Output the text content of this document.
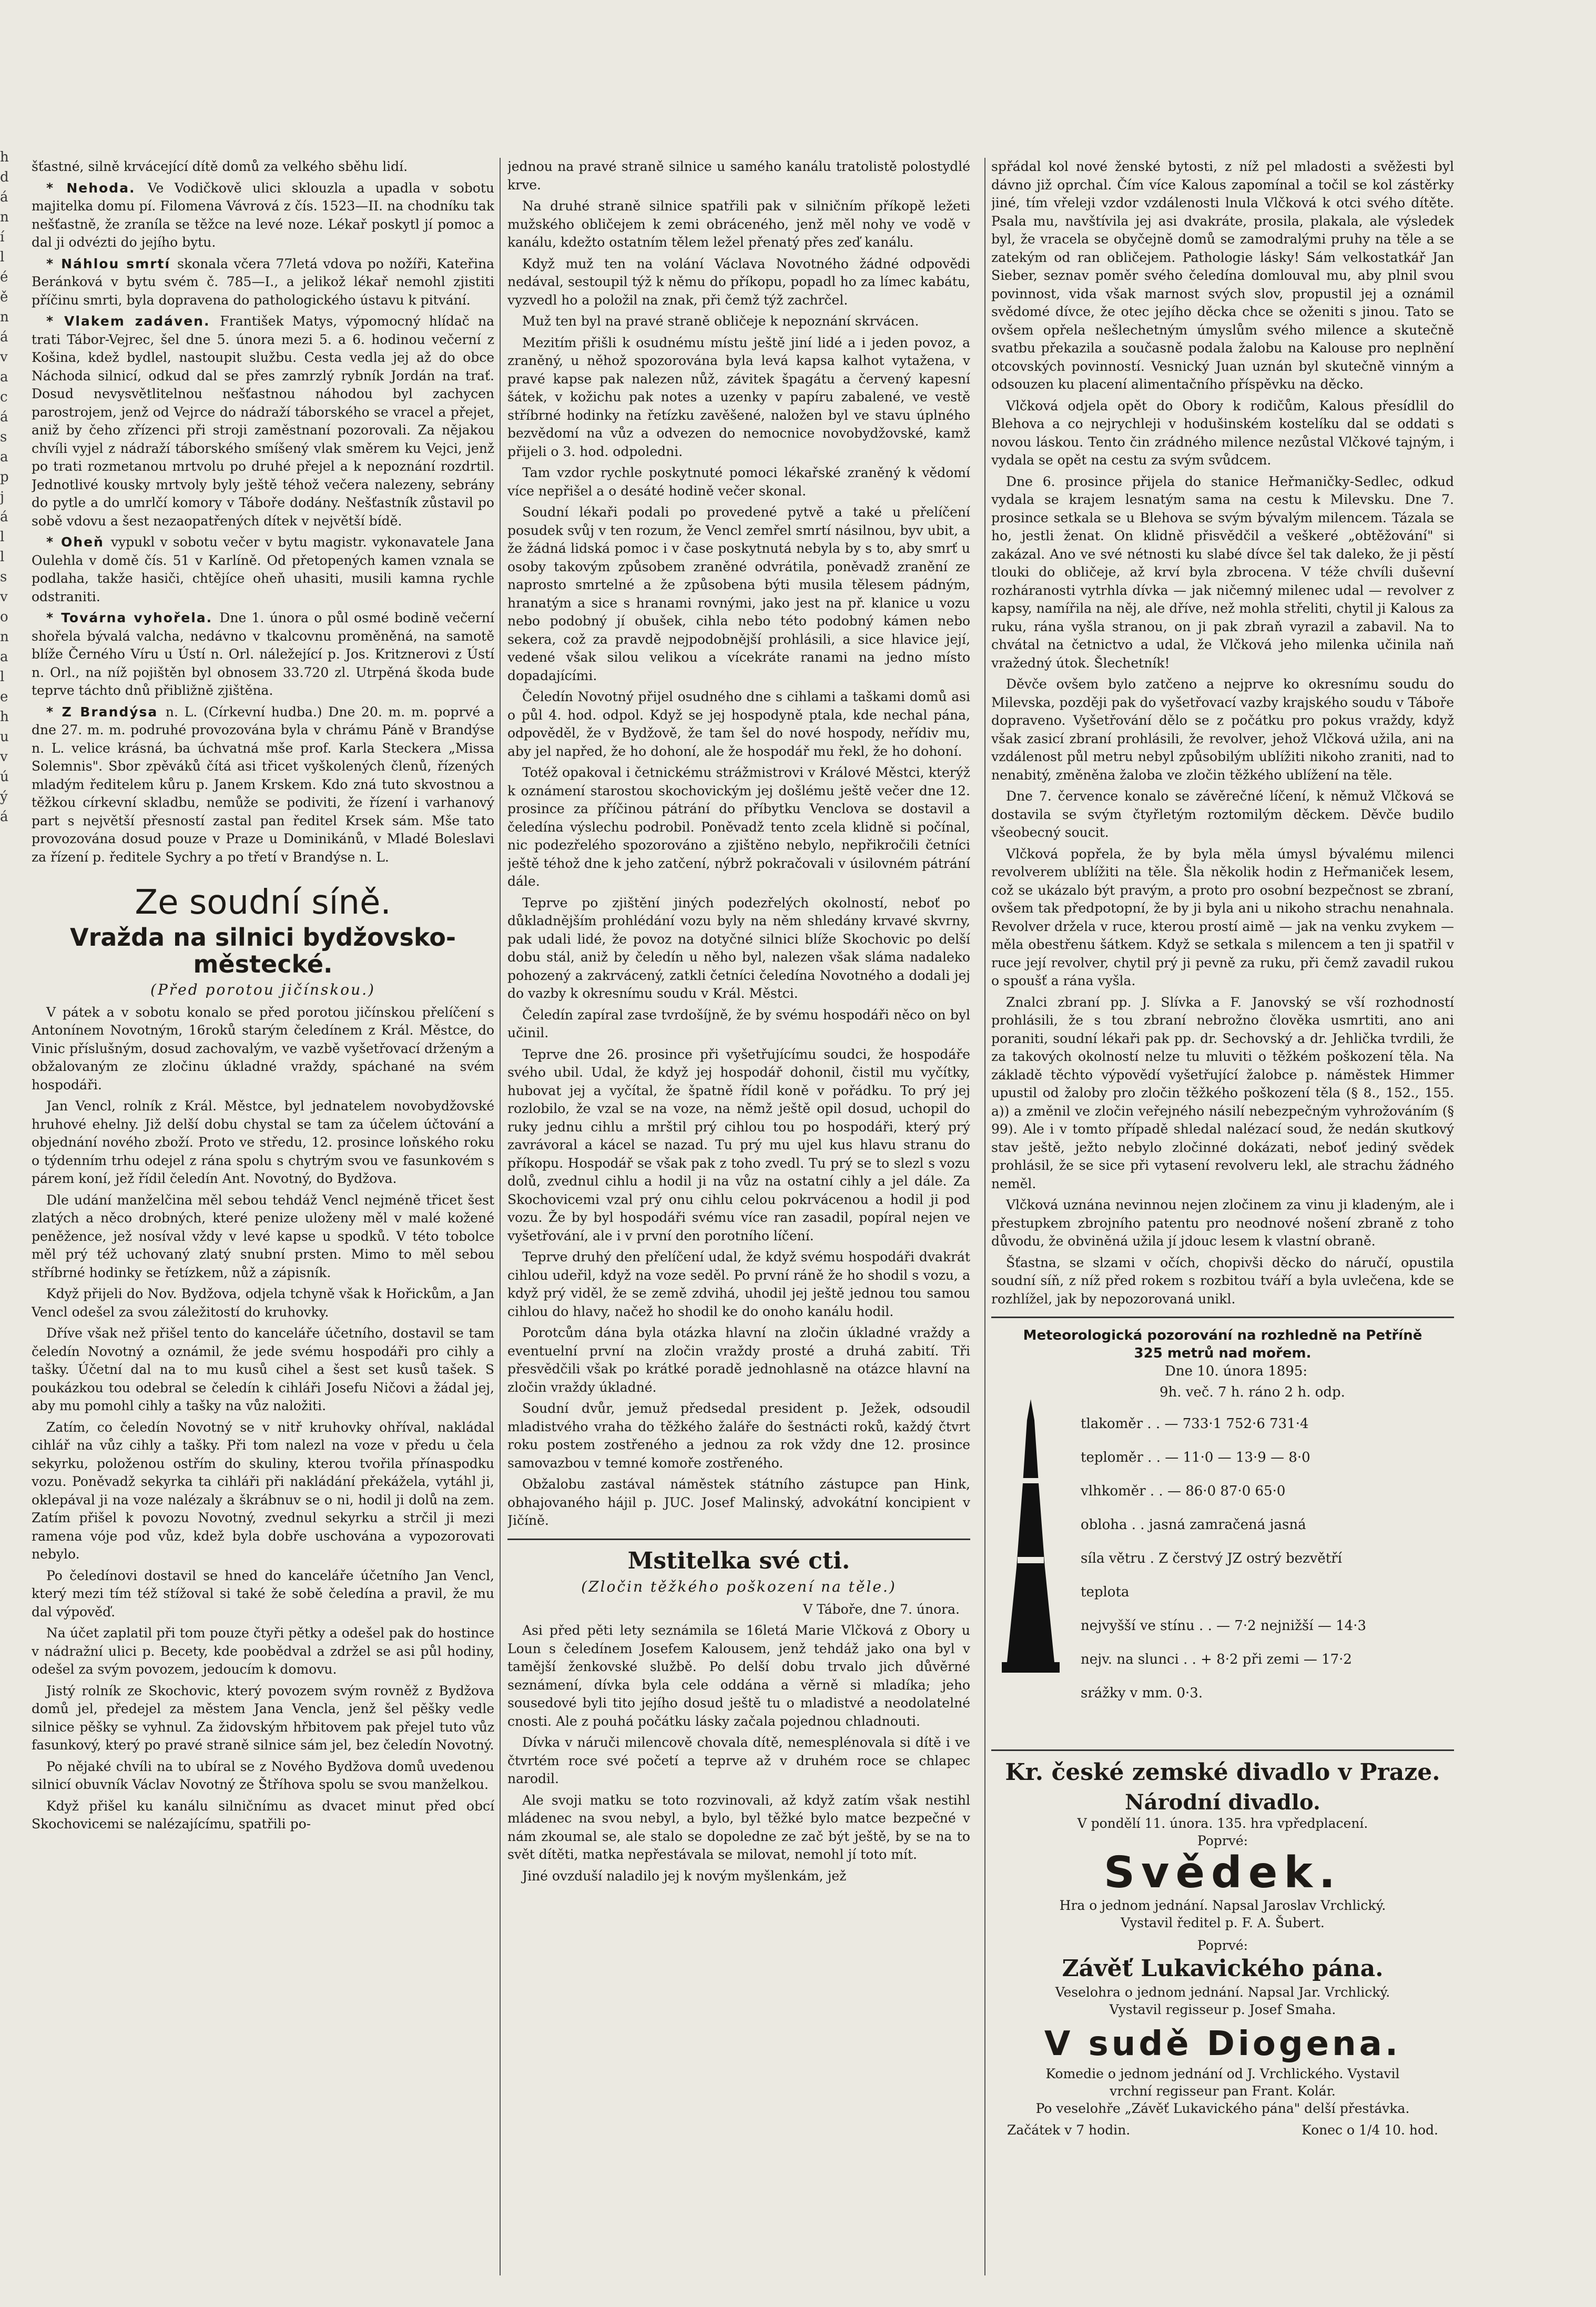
h
d
á
n
í
l
é
ě
n
á
v
a
c
á
s
a
p
j
á
l
l
s
v
o
n
a
l
e
h
u
v
ú
ý
á

šťastné, silně krvácející dítě domů za velkého sběhu lidí.

* Nehoda. Ve Vodičkově ulici sklouzla a upadla v sobotu majitelka domu pí. Filomena Vávrová z čís. 1523—II. na chodníku tak nešťastně, že zraníla se těžce na levé noze. Lékař poskytl jí pomoc a dal ji odvézti do jejího bytu.

* Náhlou smrtí skonala včera 77letá vdova po nožíři, Kateřina Beránková v bytu svém č. 785—I., a jelikož lékař nemohl zjistiti příčinu smrti, byla dopravena do pathologického ústavu k pitvání.

* Vlakem zadáven. František Matys, výpomocný hlídač na trati Tábor-Vejrec, šel dne 5. února mezi 5. a 6. hodinou večerní z Košina, kdež bydlel, nastoupit službu. Cesta vedla jej až do obce Náchoda silnicí, odkud dal se přes zamrzlý rybník Jordán na trať. Dosud nevysvětlitelnou nešťastnou náhodou byl zachycen parostrojem, jenž od Vejrce do nádraží táborského se vracel a přejet, aniž by čeho zřízenci při stroji zaměstnaní pozorovali. Za nějakou chvíli vyjel z nádraží táborského smíšený vlak směrem ku Vejci, jenž po trati rozmetanou mrtvolu po druhé přejel a k nepoznání rozdrtil. Jednotlivé kousky mrtvoly byly ještě téhož večera nalezeny, sebrány do pytle a do umrlčí komory v Táboře dodány. Nešťastník zůstavil po sobě vdovu a šest nezaopatřených dítek v největší bídě.

* Oheň vypukl v sobotu večer v bytu magistr. vykonavatele Jana Oulehla v domě čís. 51 v Karlíně. Od přetopených kamen vznala se podlaha, takže hasiči, chtějíce oheň uhasiti, musili kamna rychle odstraniti.

* Továrna vyhořela. Dne 1. února o půl osmé bodině večerní shořela bývalá valcha, nedávno v tkalcovnu proměněná, na samotě blíže Černého Víru u Ústí n. Orl. náležející p. Jos. Kritznerovi z Ústí n. Orl., na níž pojištěn byl obnosem 33.720 zl. Utrpěná škoda bude teprve táchto dnů přibližně zjištěna.

* Z Brandýsa n. L. (Církevní hudba.) Dne 20. m. m. poprvé a dne 27. m. m. podruhé provozována byla v chrámu Páně v Brandýse n. L. velice krásná, ba úchvatná mše prof. Karla Steckera „Missa Solemnis". Sbor zpěváků čítá asi třicet vyškolených členů, řízených mladým ředitelem kůru p. Janem Krskem. Kdo zná tuto skvostnou a těžkou církevní skladbu, nemůže se podiviti, že řízení i varhanový part s největší přesností zastal pan ředitel Krsek sám. Mše tato provozována dosud pouze v Praze u Dominikánů, v Mladé Boleslavi za řízení p. ředitele Sychry a po třetí v Brandýse n. L.

Ze soudní síně.
Vražda na silnici bydžovsko-městecké.
(Před porotou jičínskou.)

V pátek a v sobotu konalo se před porotou jičínskou přelíčení s Antonínem Novotným, 16roků starým čeledínem z Král. Městce, do Vinic příslušným, dosud zachovalým, ve vazbě vyšetřovací drženým a obžalovaným ze zločinu úkladné vraždy, spáchané na svém hospodáři.

Jan Vencl, rolník z Král. Městce, byl jednatelem novobydžovské hruhové ehelny. Již delší dobu chystal se tam za účelem účtování a objednání nového zboží. Proto ve středu, 12. prosince loňského roku o týdenním trhu odejel z rána spolu s chytrým svou ve fasunkovém s párem koní, jež řídil čeledín Ant. Novotný, do Bydžova.

Dle udání manželčina měl sebou tehdáž Vencl nejméně třicet šest zlatých a něco drobných, které penize uloženy měl v malé kožené peněžence, jež nosíval vždy v levé kapse u spodků. V této tobolce měl prý též uchovaný zlatý snubní prsten. Mimo to měl sebou stříbrné hodinky se řetízkem, nůž a zápisník.

Když přijeli do Nov. Bydžova, odjela tchyně však k Hořickům, a Jan Vencl odešel za svou záležitostí do kruhovky.

Dříve však než přišel tento do kanceláře účetního, dostavil se tam čeledín Novotný a oznámil, že jede svému hospodáři pro cihly a tašky. Účetní dal na to mu kusů cihel a šest set kusů tašek. S poukázkou tou odebral se čeledín k cihláři Josefu Ničovi a žádal jej, aby mu pomohl cihly a tašky na vůz naložiti.

Zatím, co čeledín Novotný se v nitř kruhovky ohříval, nakládal cihlář na vůz cihly a tašky. Při tom nalezl na voze v předu u čela sekyrku, položenou ostřím do skuliny, kterou tvořila přínaspodku vozu. Poněvadž sekyrka ta cihláři při nakládání překážela, vytáhl ji, oklepával ji na voze nalézaly a škrábnuv se o ni, hodil ji dolů na zem. Zatím přišel k povozu Novotný, zvednul sekyrku a strčil ji mezi ramena vóje pod vůz, kdež byla dobře uschována a vypozorovati nebylo.

Po čeledínovi dostavil se hned do kanceláře účetního Jan Vencl, který mezi tím též stížoval si také že sobě čeledína a pravil, že mu dal výpověď.

Na účet zaplatil při tom pouze čtyři pětky a odešel pak do hostince v nádražní ulici p. Becety, kde poobědval a zdržel se asi půl hodiny, odešel za svým povozem, jedoucím k domovu.

Jistý rolník ze Skochovic, který povozem svým rovněž z Bydžova domů jel, předejel za městem Jana Vencla, jenž šel pěšky vedle silnice pěšky se vyhnul. Za židovským hřbitovem pak přejel tuto vůz fasunkový, který po pravé straně silnice sám jel, bez čeledín Novotný.

Po nějaké chvíli na to ubíral se z Nového Bydžova domů uvedenou silnicí obuvník Václav Novotný ze Štříhova spolu se svou manželkou.

Když přišel ku kanálu silničnímu as dvacet minut před obcí Skochovicemi se nalézajícímu, spatřili po-

jednou na pravé straně silnice u samého kanálu tratolistě polostydlé krve.

Na druhé straně silnice spatřili pak v silničním příkopě ležeti mužského obličejem k zemi obráceného, jenž měl nohy ve vodě v kanálu, kdežto ostatním tělem ležel přenatý přes zeď kanálu.

Když muž ten na volání Václava Novotného žádné odpovědi nedával, sestoupil týž k němu do příkopu, popadl ho za límec kabátu, vyzvedl ho a položil na znak, při čemž týž zachrčel.

Muž ten byl na pravé straně obličeje k nepoznání skrvácen.

Mezitím přišli k osudnému místu ještě jiní lidé a i jeden povoz, a zraněný, u něhož spozorována byla levá kapsa kalhot vytažena, v pravé kapse pak nalezen nůž, závitek špagátu a červený kapesní šátek, v kožichu pak notes a uzenky v papíru zabalené, ve vestě stříbrné hodinky na řetízku zavěšené, naložen byl ve stavu úplného bezvědomí na vůz a odvezen do nemocnice novobydžovské, kamž přijeli o 3. hod. odpoledni.

Tam vzdor rychle poskytnuté pomoci lékařské zraněný k vědomí více nepřišel a o desáté hodině večer skonal.

Soudní lékaři podali po provedené pytvě a také u přelíčení posudek svůj v ten rozum, že Vencl zemřel smrtí násilnou, byv ubit, a že žádná lidská pomoc i v čase poskytnutá nebyla by s to, aby smrť u osoby takovým způsobem zraněné odvrátila, poněvadž zranění ze naprosto smrtelné a že způsobena býti musila tělesem pádným, hranatým a sice s hranami rovnými, jako jest na př. klanice u vozu nebo podobný jí obušek, cihla nebo této podobný kámen nebo sekera, což za pravdě nejpodobnější prohlásili, a sice hlavice její, vedené však silou velikou a vícekráte ranami na jedno místo dopadajícími.

Čeledín Novotný přijel osudného dne s cihlami a taškami domů asi o půl 4. hod. odpol. Když se jej hospodyně ptala, kde nechal pána, odpověděl, že v Bydžově, že tam šel do nové hospody, neřídiv mu, aby jel napřed, že ho dohoní, ale že hospodář mu řekl, že ho dohoní.

Totéž opakoval i četnickému strážmistrovi v Králové Městci, kterýž k oznámení starostou skochovickým jej došlému ještě večer dne 12. prosince za příčinou pátrání do příbytku Venclova se dostavil a čeledína výslechu podrobil. Poněvadž tento zcela klidně si počínal, nic podezřelého spozorováno a zjištěno nebylo, nepřikročili četníci ještě téhož dne k jeho zatčení, nýbrž pokračovali v úsilovném pátrání dále.

Teprve po zjištění jiných podezřelých okolností, neboť po důkladnějším prohlédání vozu byly na něm shledány krvavé skvrny, pak udali lidé, že povoz na dotyčné silnici blíže Skochovic po delší dobu stál, aniž by čeledín u něho byl, nalezen však sláma nadaleko pohozený a zakrvácený, zatkli četníci čeledína Novotného a dodali jej do vazby k okresnímu soudu v Král. Městci.

Čeledín zapíral zase tvrdošíjně, že by svému hospodáři něco on byl učinil.

Teprve dne 26. prosince při vyšetřujícímu soudci, že hospodáře svého ubil. Udal, že když jej hospodář dohonil, čistil mu vyčítky, hubovat jej a vyčítal, že špatně řídil koně v pořádku. To prý jej rozlobilo, že vzal se na voze, na němž ještě opil dosud, uchopil do ruky jednu cihlu a mrštil prý cihlou tou po hospodáři, který prý zavrávoral a kácel se nazad. Tu prý mu ujel kus hlavu stranu do příkopu. Hospodář se však pak z toho zvedl. Tu prý se to slezl s vozu dolů, zvednul cihlu a hodil ji na vůz na ostatní cihly a jel dále. Za Skochovicemi vzal prý onu cihlu celou pokrvácenou a hodil ji pod vozu. Že by byl hospodáři svému více ran zasadil, popíral nejen ve vyšetřování, ale i v první den porotního líčení.

Teprve druhý den přelíčení udal, že když svému hospodáři dvakrát cihlou udeřil, když na voze seděl. Po první ráně že ho shodil s vozu, a když prý viděl, že se země zdvihá, uhodil jej ještě jednou tou samou cihlou do hlavy, načež ho shodil ke do onoho kanálu hodil.

Porotcům dána byla otázka hlavní na zločin úkladné vraždy a eventuelní první na zločin vraždy prosté a druhá zabití. Tři přesvědčili však po krátké poradě jednohlasně na otázce hlavní na zločin vraždy úkladné.

Soudní dvůr, jemuž předsedal president p. Ježek, odsoudil mladistvého vraha do těžkého žaláře do šestnácti roků, každý čtvrt roku postem zostřeného a jednou za rok vždy dne 12. prosince samovazbou v temné komoře zostřeného.

Obžalobu zastával náměstek státního zástupce pan Hink, obhajovaného hájil p. JUC. Josef Malinský, advokátní koncipient v Jičíně.

Mstitelka své cti.
(Zločin těžkého poškození na těle.)

V Táboře, dne 7. února.

Asi před pěti lety seznámila se 16letá Marie Vlčková z Obory u Loun s čeledínem Josefem Kalousem, jenž tehdáž jako ona byl v tamější ženkovské službě. Po delší dobu trvalo jich důvěrné seznámení, dívka byla cele oddána a věrně si mladíka; jeho sousedové byli tito jejího dosud ještě tu o mladistvé a neodolatelné cnosti. Ale z pouhá počátku lásky začala pojednou chladnouti.

Dívka v náruči milencově chovala dítě, nemesplénovala si dítě i ve čtvrtém roce své početí a teprve až v druhém roce se chlapec narodil.

Ale svoji matku se toto rozvinovali, až když zatím však nestihl mládenec na svou nebyl, a bylo, byl těžké bylo matce bezpečné v nám zkoumal se, ale stalo se dopoledne ze zač být ještě, by se na to svět dítěti, matka nepřestávala se milovat, nemohl jí toto mít.

Jiné ovzduší naladilo jej k novým myšlenkám, jež

spřádal kol nové ženské bytosti, z níž pel mladosti a svěžesti byl dávno již oprchal. Čím více Kalous zapomínal a točil se kol zástěrky jiné, tím vřeleji vzdor vzdálenosti lnula Vlčková k otci svého dítěte. Psala mu, navštívila jej asi dvakráte, prosila, plakala, ale výsledek byl, že vracela se obyčejně domů se zamodralými pruhy na těle a se zatekým od ran obličejem. Pathologie lásky! Sám velkostatkář Jan Sieber, seznav poměr svého čeledína domlouval mu, aby plnil svou povinnost, vida však marnost svých slov, propustil jej a oznámil svědomé dívce, že otec jejího děcka chce se oženiti s jinou. Tato se ovšem opřela nešlechetným úmyslům svého milence a skutečně svatbu překazila a současně podala žalobu na Kalouse pro neplnění otcovských povinností. Vesnický Juan uznán byl skutečně vinným a odsouzen ku placení alimentačního příspěvku na děcko.

Vlčková odjela opět do Obory k rodičům, Kalous přesídlil do Blehova a co nejrychleji v hodušinském kostelíku dal se oddati s novou láskou. Tento čin zrádného milence nezůstal Vlčkové tajným, i vydala se opět na cestu za svým svůdcem.

Dne 6. prosince přijela do stanice Heřmaničky-Sedlec, odkud vydala se krajem lesnatým sama na cestu k Milevsku. Dne 7. prosince setkala se u Blehova se svým bývalým milencem. Tázala se ho, jestli ženat. On klidně přisvědčil a veškeré „obtěžování" si zakázal. Ano ve své nétnosti ku slabé dívce šel tak daleko, že ji pěstí tlouki do obličeje, až krví byla zbrocena. V téže chvíli duševní rozháranosti vytrhla dívka — jak ničemný milenec udal — revolver z kapsy, namířila na něj, ale dříve, než mohla střeliti, chytil ji Kalous za ruku, rána vyšla stranou, on ji pak zbraň vyrazil a zabavil. Na to chvátal na četnictvo a udal, že Vlčková jeho milenka učinila naň vražedný útok. Šlechetník!

Děvče ovšem bylo zatčeno a nejprve ko okresnímu soudu do Milevska, později pak do vyšetřovací vazby krajského soudu v Táboře dopraveno. Vyšetřování dělo se z počátku pro pokus vraždy, když však zasicí zbraní prohlásili, že revolver, jehož Vlčková užila, ani na vzdálenost půl metru nebyl způsobilým ublížiti nikoho zraniti, nad to nenabitý, změněna žaloba ve zločin těžkého ublížení na těle.

Dne 7. července konalo se závěrečné líčení, k němuž Vlčková se dostavila se svým čtyřletým roztomilým děckem. Děvče budilo všeobecný soucit.

Vlčková popřela, že by byla měla úmysl bývalému milenci revolverem ublížiti na těle. Šla několik hodin z Heřmaniček lesem, což se ukázalo být pravým, a proto pro osobní bezpečnost se zbraní, ovšem tak předpotopní, že by ji byla ani u nikoho strachu nenahnala. Revolver držela v ruce, kterou prostí aimě — jak na venku zvykem — měla obestřenu šátkem. Když se setkala s milencem a ten ji spatřil v ruce její revolver, chytil prý ji pevně za ruku, při čemž zavadil rukou o spoušť a rána vyšla.

Znalci zbraní pp. J. Slívka a F. Janovský se vší rozhodností prohlásili, že s tou zbraní nebrožno člověka usmrtiti, ano ani poraniti, soudní lékaři pak pp. dr. Sechovský a dr. Jehlička tvrdili, že za takových okolností nelze tu mluviti o těžkém poškození těla. Na základě těchto výpovědí vyšetřující žalobce p. náměstek Himmer upustil od žaloby pro zločin těžkého poškození těla (§ 8., 152., 155. a)) a změnil ve zločin veřejného násilí nebezpečným vyhrožováním (§ 99). Ale i v tomto případě shledal nalézací soud, že nedán skutkový stav ještě, ježto nebylo zločinné dokázati, neboť jediný svědek prohlásil, že se sice při vytasení revolveru lekl, ale strachu žádného neměl.

Vlčková uznána nevinnou nejen zločinem za vinu ji kladeným, ale i přestupkem zbrojního patentu pro neodnové nošení zbraně z toho důvodu, že obviněná užila jí jdouc lesem k vlastní obraně.

Šťastna, se slzami v očích, chopivši děcko do náručí, opustila soudní síň, z níž před rokem s rozbitou tváří a byla uvlečena, kde se rozhlížel, jak by nepozorovaná unikl.

Meteorologická pozorování na rozhledně na Petříně

325 metrů nad mořem.

Dne 10. února 1895:
9h. več. 7 h. ráno 2 h. odp.
tlakoměr . . — 733·1 752·6 731·4
teploměr . . — 11·0 — 13·9 — 8·0
vlhkoměr . . — 86·0 87·0 65·0
obloha . . jasná zamračená jasná
síla větru . Z čerstvý JZ ostrý bezvětří
teplota
nejvyšší ve stínu . . — 7·2 nejnižší — 14·3
nejv. na slunci . . + 8·2 při zemi — 17·2
srážky v mm. 0·3.
Kr. české zemské divadlo v Praze.
Národní divadlo.

V pondělí 11. února. 135. hra vpředplacení.

Poprvé:

Svědek.

Hra o jednom jednání. Napsal Jaroslav Vrchlický.

Vystavil ředitel p. F. A. Šubert.

Poprvé:

Závěť Lukavického pána.

Veselohra o jednom jednání. Napsal Jar. Vrchlický.

Vystavil regisseur p. Josef Smaha.

V sudě Diogena.

Komedie o jednom jednání od J. Vrchlického. Vystavil

vrchní regisseur pan Frant. Kolár.

Po veselohře „Závěť Lukavického pána" delší přestávka.

Začátek v 7 hodin.	Konec o 1/4 10. hod.
